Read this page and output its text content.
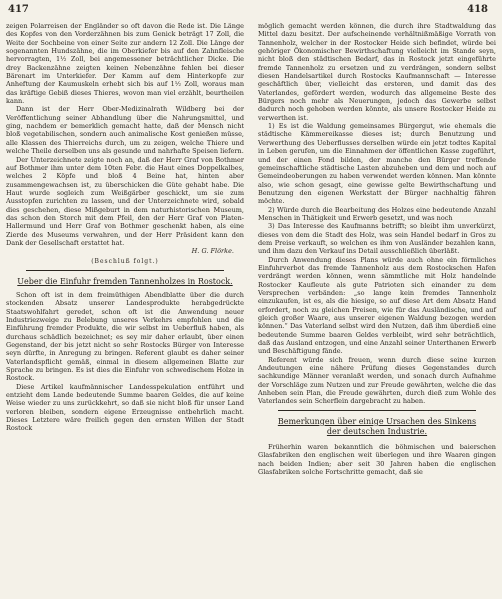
417	418

zeigen Polarreisen der Engländer so oft davon die Rede ist. Die Länge des Kopfes von den Vorderzähnen bis zum Genick beträgt 17 Zoll, die Weite der Sochbeine von einer Seite zur andern 12 Zoll. Die Länge der sogenannten Hundszähne, die im Oberkiefer bis auf den Zahnfleische hervorragten, 1½ Zoll, bei angemessener beträchtlicher Dicke. Die drey Backenzähne zeigten keinen Nebenzähne fehlen bei dieser Bärenart im Unterkiefer. Der Kamm auf dem Hinterkopfe zur Anheftung der Kaumuskeln erhebt sich bis auf 1½ Zoll, woraus man das kräftige Gebiß dieses Thieres, wovon man viel erzählt, beurtheilen kann.

Dann ist der Herr Ober-Medizinalrath Wildberg bei der Veröffentlichung seiner Abhandlung über die Nahrungsmittel, und ging, nachdem er bemerklich gemacht hatte, daß der Mensch nicht bloß vegetabilischen, sondern auch animalische Kost genießen müsse, alle Klassen des Thierreichs durch, um zu zeigen, welche Thiere und welche Theile derselben uns als gesunde und nahrhafte Speisen liefern.

Der Unterzeichnete zeigte noch an, daß der Herr Graf von Bothmer auf Bothmer ihm unter dem 10ten Febr. die Haut eines Doppelkalbes, welches 2 Köpfe und bloß 4 Beine hat, hinten aber zusammengewachsen ist, zu überschicken die Güte gehabt habe. Die Haut wurde sogleich zum Weißgärber geschickt, um sie zum Ausstopfen zurichten zu lassen, und der Unterzeichnete wird, sobald dies geschehen, diese Mißgeburt in dem naturhistorischen Museum, das schon den Storch mit dem Pfeil, den der Herr Graf von Platen-Hallermund und Herr Graf von Bothmer geschenkt haben, als eine Zierde des Museums verwahren, und der Herr Präsident kann den Dank der Gesellschaft erstattet hat.

H. G. Flörke.
(Beschluß folgt.)
Ueber die Einfuhr fremden Tannenholzes in Rostock.

Schon oft ist in dem freimüthigen Abendblatte über die durch stockenden Absatz unserer Landesprodukte herabgedrückte Staatswohlfahrt geredet, schon oft ist die Anwendung neuer Industriezweige zu Belebung unseres Verkehrs empfohlen und die Einführung fremder Produkte, die wir selbst im Ueberfluß haben, als durchaus schädlich bezeichnet; es sey mir daher erlaubt, über einen Gegenstand, der bis jetzt nicht so sehr Rostocks Bürger von Interesse seyn dürfte, in Anregung zu bringen. Referent glaubt es daher seiner Vaterlandspflicht gemäß, einmal in diesem allgemeinen Blatte zur Sprache zu bringen. Es ist dies die Einfuhr von schwedischem Holze in Rostock.

Diese Artikel kaufmännischer Landesspekulation entführt und entzieht dem Lande bedeutende Summe baaren Geldes, die auf keine Weise wieder zu uns zurückkehrt, so daß sie nicht bloß für unser Land verloren bleiben, sondern eigene Erzeugnisse entbehrlich macht. Dieses Letztere wäre freilich gegen den ernsten Willen der Stadt Rostock

möglich gemacht werden können, die durch ihre Stadtwaldung das Mittel dazu besitzt. Der aufscheinende verhältnißmäßige Vorrath von Tannenholz, welcher in der Rostocker Heide sich befindet, würde bei gehöriger Ökonomischer Bewirthschaftung vielleicht im Stande seyn, nicht bloß den städtischen Bedarf, das in Rostock jetzt eingeführte fremde Tannenholz zu ersetzen und zu verdrängen, sondern selbst diesen Handelsartikel durch Rostocks Kaufmannschaft — Interesse geschäftlich über, vielleicht das ersteren, und damit das des Vaterlandes, gefördert werden, wodurch das allgemeine Beste des Bürgers noch mehr als Neuerungen, jedoch das Gewerbe selbst dadurch noch gehoben werden könnte, als unsere Rostocker Heide zu verwerthen ist.

1) Es ist die Waldung gemeinsames Bürgergut, wie ehemals die städtische Kämmereikasse dieses ist; durch Benutzung und Verwerthung des Ueberflusses derselben würde ein jetzt todtes Kapital in Leben gerufen, um die Einnahmen der öffentlichen Kasse zugeführt, und der einen Fond bilden, der manche den Bürger treffende gemeinschaftliche städtische Lasten abzuheben und dem und noch auf Gemeindeoberungen zu haben verwendet werden können. Man könnte also, wie schon gesagt, eine gewisse gelte Bewirthschaftung und Benutzung den eigenen Werkstatt der Bürger nachhaltig fähren möchte.

2) Würde durch die Bearbeitung des Holzes eine bedeutende Anzahl Menschen in Thätigkeit und Erwerb gesetzt, und was noch

3) Das Interesse des Kaufmanns betrifft; so bleibt ihm unverkürzt, dieses von dem die Stadt des Holz, was sein Handel bedarf in Gros zu dem Preise verkauft, so welchen es ihm von Ausländer bezahlen kann, und ihm dazu den Verkauf ins Detail ausschließlich überläßt.

Durch Anwendung dieses Plans würde auch ohne ein förmliches Einfuhrverbot das fremde Tannenholz aus dem Rostockschen Hafen verdrängt werden können, wenn sämmtliche mit Holz handelnde Rostocker Kaufleute als gute Patrioten sich einander zu dem Versprechen verbänden: „so lange kein fremdes Tannenholz einzukaufen, ist es, als die hiesige, so auf diese Art dem Absatz Hand erfordert, noch zu gleichen Preisen, wie für das Ausländische, und auf gleich großer Waare, aus unserer eigenen Waldung bezogen werden können.“ Das Vaterland selbst wird den Nutzen, daß ihm überdieß eine bedeutende Summe baaren Geldes verbleibt, wird sehr beträchtlich, daß das Ausland entzogen, und eine Anzahl seiner Unterthanen Erwerb und Beschäftigung fände.

Referent würde sich freuen, wenn durch diese seine kurzen Andeutungen eine nähere Prüfung dieses Gegenstandes durch sachkundige Männer veranlaßt werden, und sonach durch Aufnahme der Vorschläge zum Nutzen und zur Freude gewährten, welche die das Anheben sein Plan, die Freude gewährten, durch dieß zum Wohle des Vaterlandes sein Scherflein dargebracht zu haben.

Bemerkungen über einige Ursachen des Sinkens
der deutschen Industrie.

Früherhin waren bekanntlich die böhmischen und baierschen Glasfabriken den englischen weit überlegen und ihre Waaren gingen nach beiden Indien; aber seit 30 Jahren haben die englischen Glasfabriken solche Fortschritte gemacht, daß sie
